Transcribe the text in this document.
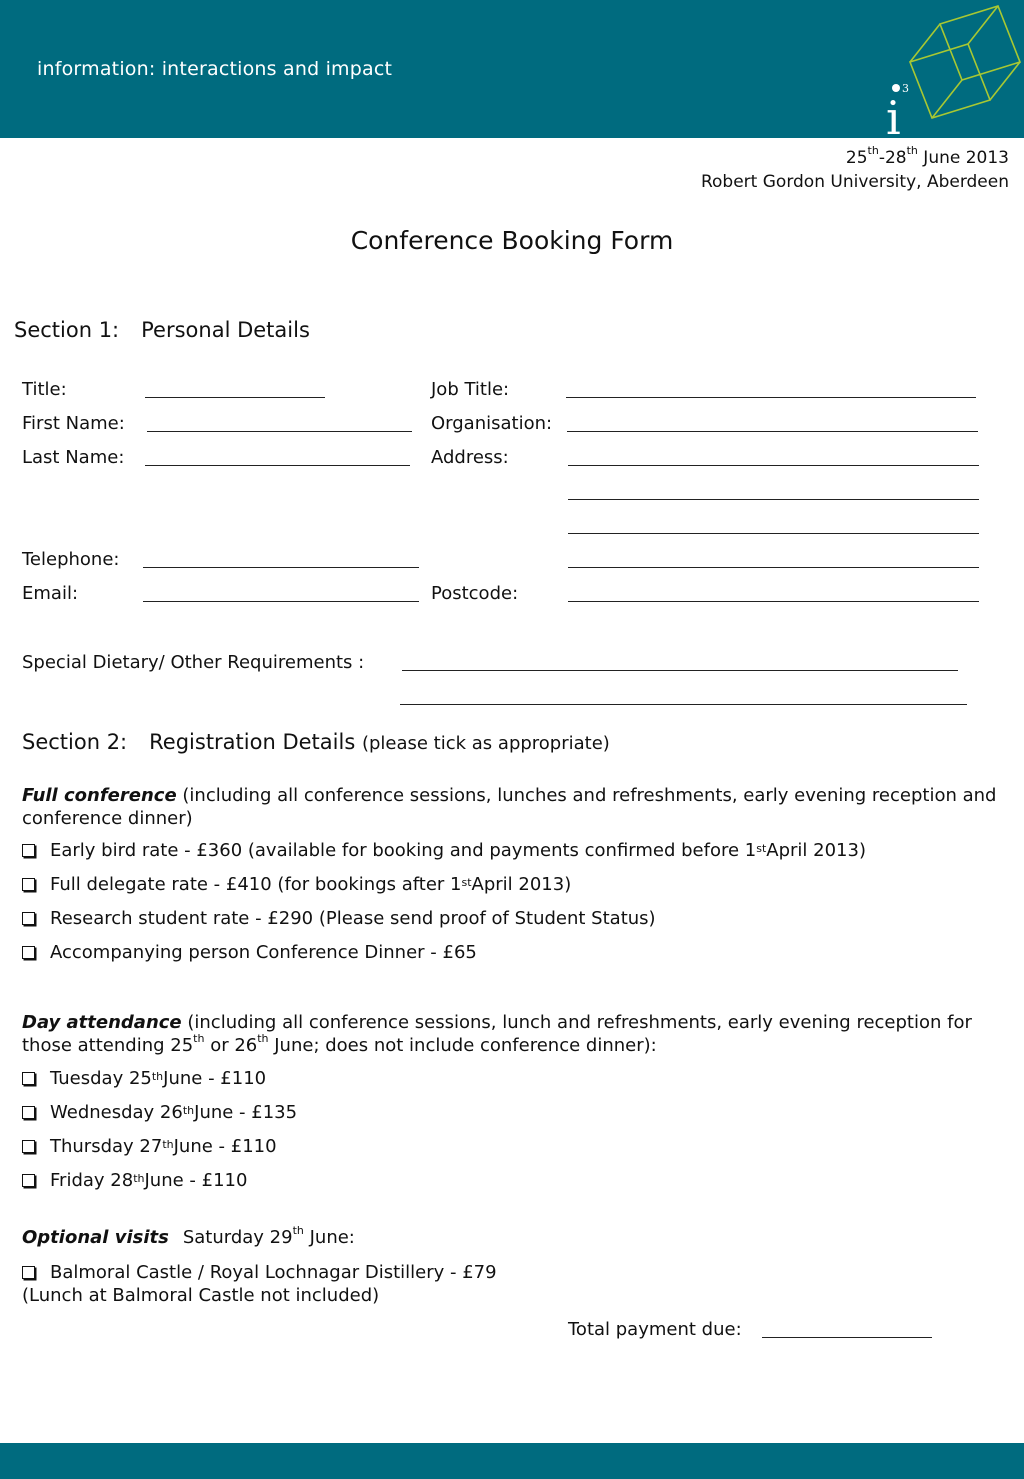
information: interactions and impact
3
i
25th-28th June 2013
Robert Gordon University, Aberdeen
Conference Booking Form
Section 1: Personal Details
Title:
First Name:
Last Name:
Telephone:
Email:
Job Title:
Organisation:
Address:
Postcode:
Special Dietary/ Other Requirements :
Section 2: Registration Details (please tick as appropriate)
Full conference (including all conference sessions, lunches and refreshments, early evening reception and conference dinner)
Early bird rate - £360 (available for booking and payments confirmed before 1st April 2013)
Full delegate rate - £410 (for bookings after 1st April 2013)
Research student rate - £290 (Please send proof of Student Status)
Accompanying person Conference Dinner - £65
Day attendance (including all conference sessions, lunch and refreshments, early evening reception for those attending 25th or 26th June; does not include conference dinner):
Tuesday 25th June - £110
Wednesday 26th June - £135
Thursday 27th June - £110
Friday 28th June - £110
Optional visits Saturday 29th June:
Balmoral Castle / Royal Lochnagar Distillery - £79
(Lunch at Balmoral Castle not included)
Total payment due:
